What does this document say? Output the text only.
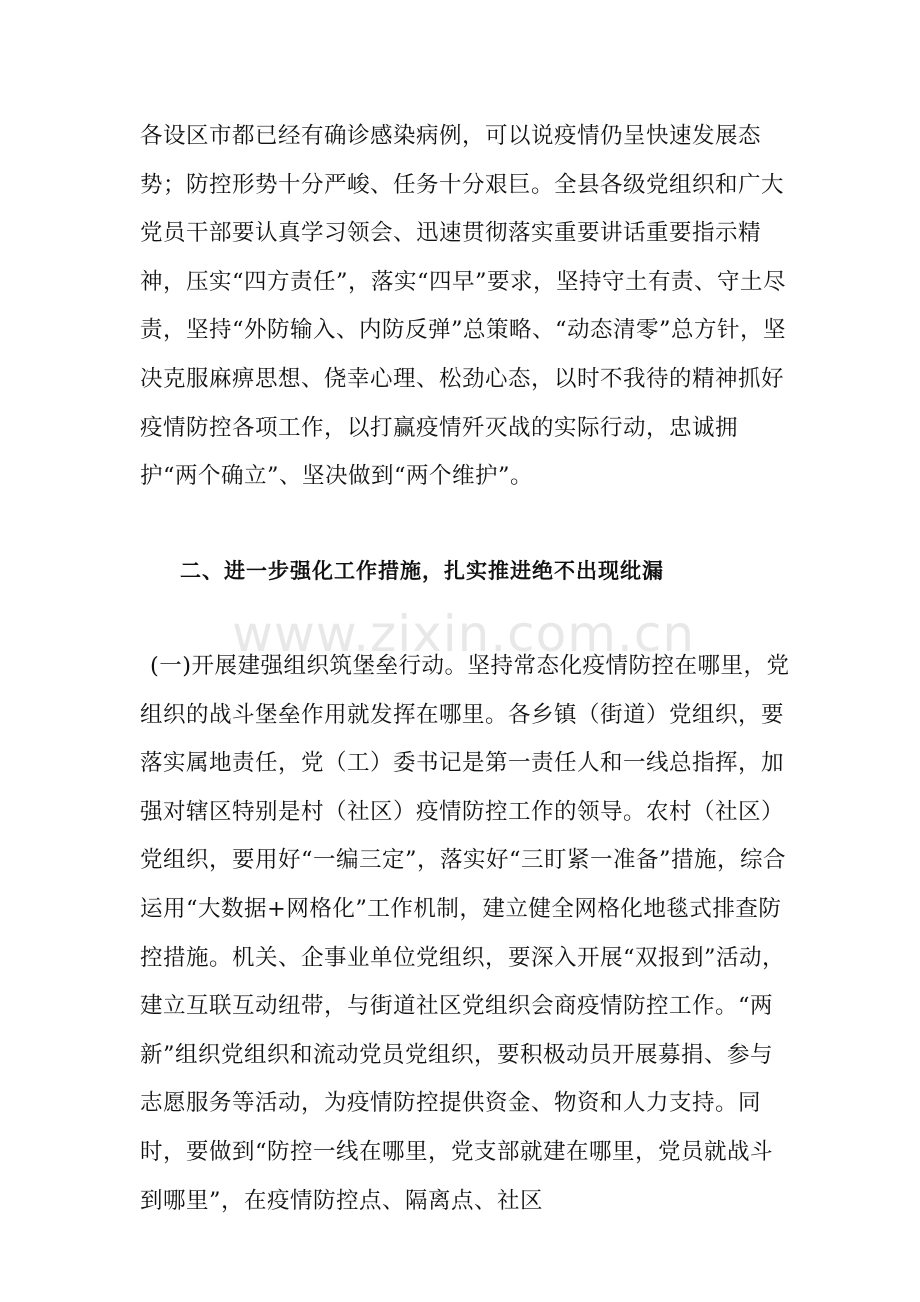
各设区市都已经有确诊感染病例，可以说疫情仍呈快速发展态势；防控形势十分严峻、任务十分艰巨。全县各级党组织和广大党员干部要认真学习领会、迅速贯彻落实重要讲话重要指示精神，压实“四方责任”，落实“四早”要求，坚持守土有责、守土尽责，坚持“外防输入、内防反弹”总策略、“动态清零”总方针，坚决克服麻痹思想、侥幸心理、松劲心态，以时不我待的精神抓好疫情防控各项工作，以打赢疫情歼灭战的实际行动，忠诚拥护“两个确立”、坚决做到“两个维护”。

二、进一步强化工作措施，扎实推进绝不出现纰漏
www.zixin.com.cn

(一)开展建强组织筑堡垒行动。坚持常态化疫情防控在哪里，党组织的战斗堡垒作用就发挥在哪里。各乡镇（街道）党组织，要落实属地责任，党（工）委书记是第一责任人和一线总指挥，加强对辖区特别是村（社区）疫情防控工作的领导。农村（社区）党组织，要用好“一编三定”，落实好“三盯紧一准备”措施，综合运用“大数据+网格化”工作机制，建立健全网格化地毯式排查防控措施。机关、企事业单位党组织，要深入开展“双报到”活动，建立互联互动纽带，与街道社区党组织会商疫情防控工作。“两新”组织党组织和流动党员党组织，要积极动员开展募捐、参与志愿服务等活动，为疫情防控提供资金、物资和人力支持。同时，要做到“防控一线在哪里，党支部就建在哪里，党员就战斗到哪里”，在疫情防控点、隔离点、社区
